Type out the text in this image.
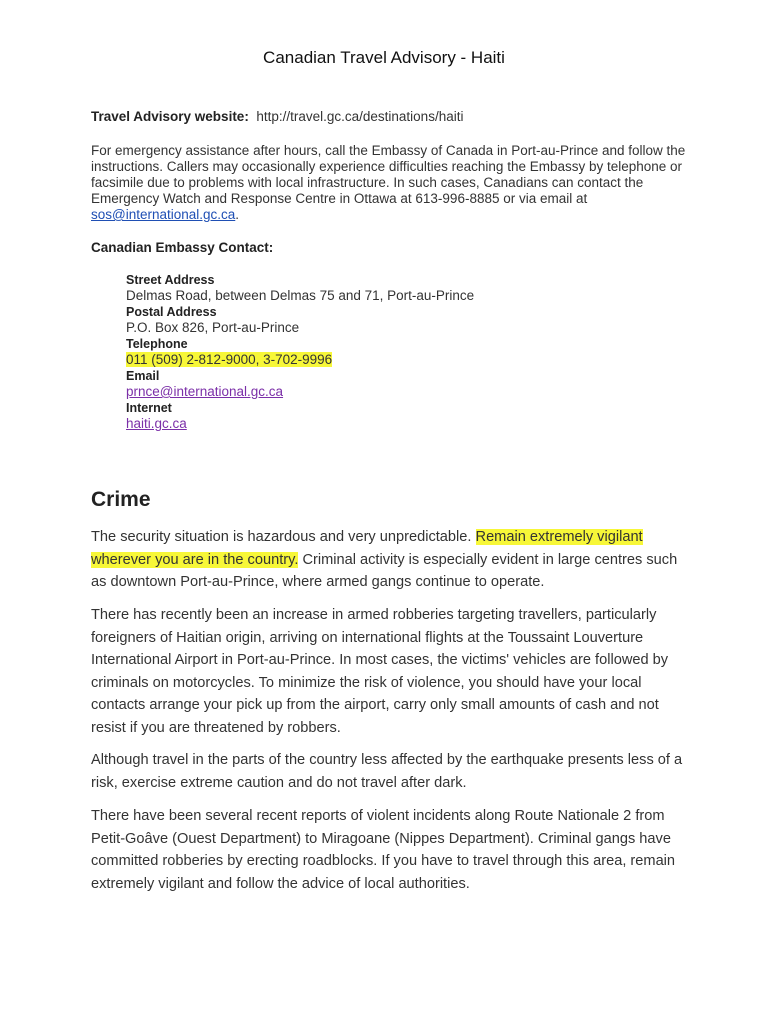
Canadian Travel Advisory - Haiti
Travel Advisory website: http://travel.gc.ca/destinations/haiti
For emergency assistance after hours, call the Embassy of Canada in Port-au-Prince and follow the instructions. Callers may occasionally experience difficulties reaching the Embassy by telephone or facsimile due to problems with local infrastructure. In such cases, Canadians can contact the Emergency Watch and Response Centre in Ottawa at 613-996-8885 or via email at sos@international.gc.ca.
Canadian Embassy Contact:
Street Address
Delmas Road, between Delmas 75 and 71, Port-au-Prince
Postal Address
P.O. Box 826, Port-au-Prince
Telephone
011 (509) 2-812-9000, 3-702-9996
Email
prnce@international.gc.ca
Internet
haiti.gc.ca
Crime
The security situation is hazardous and very unpredictable. Remain extremely vigilant wherever you are in the country. Criminal activity is especially evident in large centres such as downtown Port-au-Prince, where armed gangs continue to operate.
There has recently been an increase in armed robberies targeting travellers, particularly foreigners of Haitian origin, arriving on international flights at the Toussaint Louverture International Airport in Port-au-Prince. In most cases, the victims' vehicles are followed by criminals on motorcycles. To minimize the risk of violence, you should have your local contacts arrange your pick up from the airport, carry only small amounts of cash and not resist if you are threatened by robbers.
Although travel in the parts of the country less affected by the earthquake presents less of a risk, exercise extreme caution and do not travel after dark.
There have been several recent reports of violent incidents along Route Nationale 2 from Petit-Goâve (Ouest Department) to Miragoane (Nippes Department). Criminal gangs have committed robberies by erecting roadblocks. If you have to travel through this area, remain extremely vigilant and follow the advice of local authorities.
